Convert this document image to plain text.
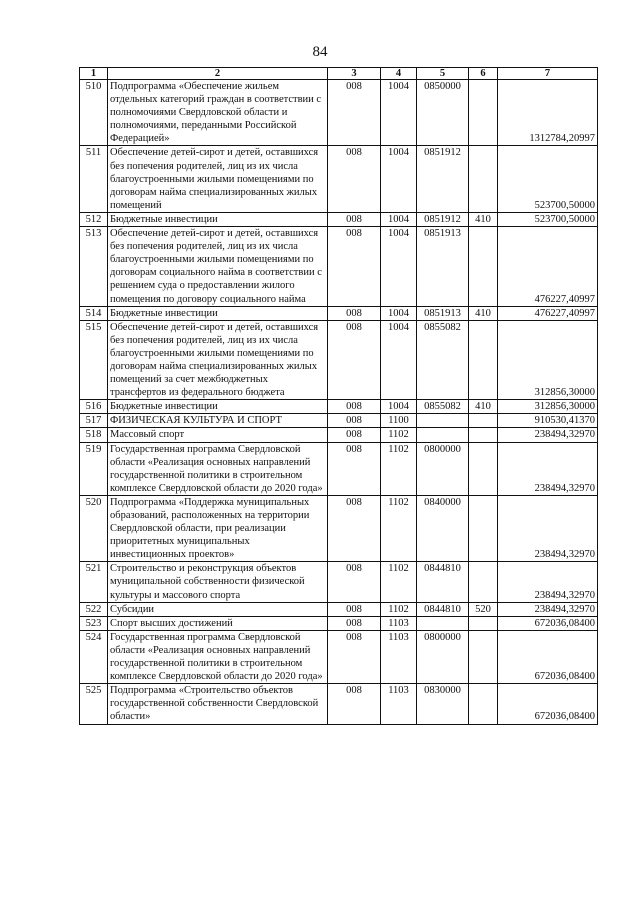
84
1	2	3	4	5	6	7
510	Подпрограмма «Обеспечение жильем отдельных категорий граждан в соответствии с полномочиями Свердловской области и полномочиями, переданными Российской Федерацией»	008	1004	0850000		1312784,20997
511	Обеспечение детей-сирот и детей, оставшихся без попечения родителей, лиц из их числа благоустроенными жилыми помещениями по договорам найма специализированных жилых помещений	008	1004	0851912		523700,50000
512	Бюджетные инвестиции	008	1004	0851912	410	523700,50000
513	Обеспечение детей-сирот и детей, оставшихся без попечения родителей, лиц из их числа благоустроенными жилыми помещениями по договорам социального найма в соответствии с решением суда о предоставлении жилого помещения по договору социального найма	008	1004	0851913		476227,40997
514	Бюджетные инвестиции	008	1004	0851913	410	476227,40997
515	Обеспечение детей-сирот и детей, оставшихся без попечения родителей, лиц из их числа благоустроенными жилыми помещениями по договорам найма специализированных жилых помещений за счет межбюджетных трансфертов из федерального бюджета	008	1004	0855082		312856,30000
516	Бюджетные инвестиции	008	1004	0855082	410	312856,30000
517	ФИЗИЧЕСКАЯ КУЛЬТУРА И СПОРТ	008	1100			910530,41370
518	Массовый спорт	008	1102			238494,32970
519	Государственная программа Свердловской области «Реализация основных направлений государственной политики в строительном комплексе Свердловской области до 2020 года»	008	1102	0800000		238494,32970
520	Подпрограмма «Поддержка муниципальных образований, расположенных на территории Свердловской области, при реализации приоритетных муниципальных инвестиционных проектов»	008	1102	0840000		238494,32970
521	Строительство и реконструкция объектов муниципальной собственности физической культуры и массового спорта	008	1102	0844810		238494,32970
522	Субсидии	008	1102	0844810	520	238494,32970
523	Спорт высших достижений	008	1103			672036,08400
524	Государственная программа Свердловской области «Реализация основных направлений государственной политики в строительном комплексе Свердловской области до 2020 года»	008	1103	0800000		672036,08400
525	Подпрограмма «Строительство объектов государственной собственности Свердловской области»	008	1103	0830000		672036,08400
